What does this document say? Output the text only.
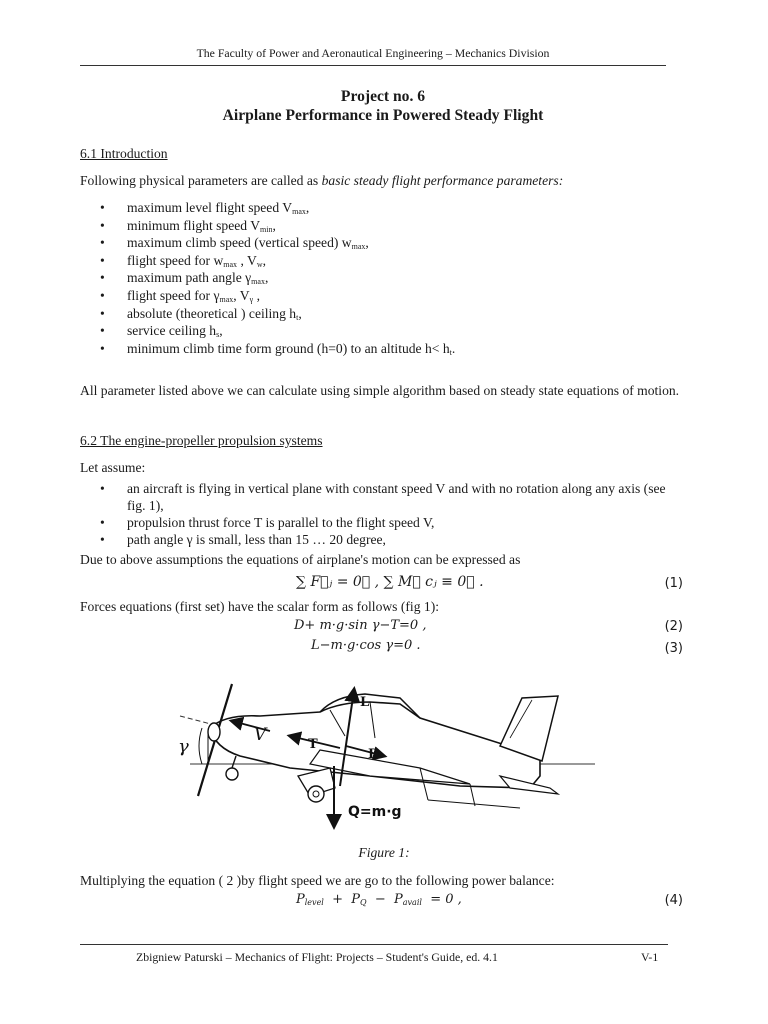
The Faculty of Power and Aeronautical Engineering – Mechanics Division
Project no. 6
Airplane Performance in Powered Steady Flight
6.1 Introduction
Following physical parameters are called as basic steady flight performance parameters:
• maximum level flight speed $V_{max}$,
• minimum flight speed $V_{min}$,
• maximum climb speed (vertical speed) $w_{max}$,
• flight speed for $w_{max}$ , $V_w$,
• maximum path angle $\gamma_{max}$,
• flight speed for $\gamma_{max}$, $V_\gamma$ ,
• absolute (theoretical ) ceiling $h_t$,
• service ceiling $h_s$,
• minimum climb time form ground (h=0) to an altitude $h< h_t$.
All parameter listed above we can calculate using simple algorithm based on steady state equations of motion.
6.2 The engine-propeller propulsion systems
Let assume:
• an aircraft is flying in vertical plane with constant speed V and with no rotation along any axis (see fig. 1),
• propulsion thrust force T is parallel to the flight speed V,
• path angle γ is small, less than 15 … 20 degree,
Due to above assumptions the equations of airplane's motion can be expressed as
∑ F⃗ⱼ = 0⃗ , ∑ M⃗ cⱼ ≡ 0⃗ .	(1)
Forces equations (first set) have the scalar form as follows (fig 1):
D+ m·g·sin γ−T=0 ,	(2)
L−m·g·cos γ=0 .	(3)
γ
V	T
L
D
Q=m·g
Figure 1:
Multiplying the equation ( 2 )by flight speed we are go to the following power balance:
$P_{level} + P_Q - P_{avail} = 0$ ,	(4)
Zbigniew Paturski – Mechanics of Flight: Projects – Student's Guide, ed. 4.1	V-1
